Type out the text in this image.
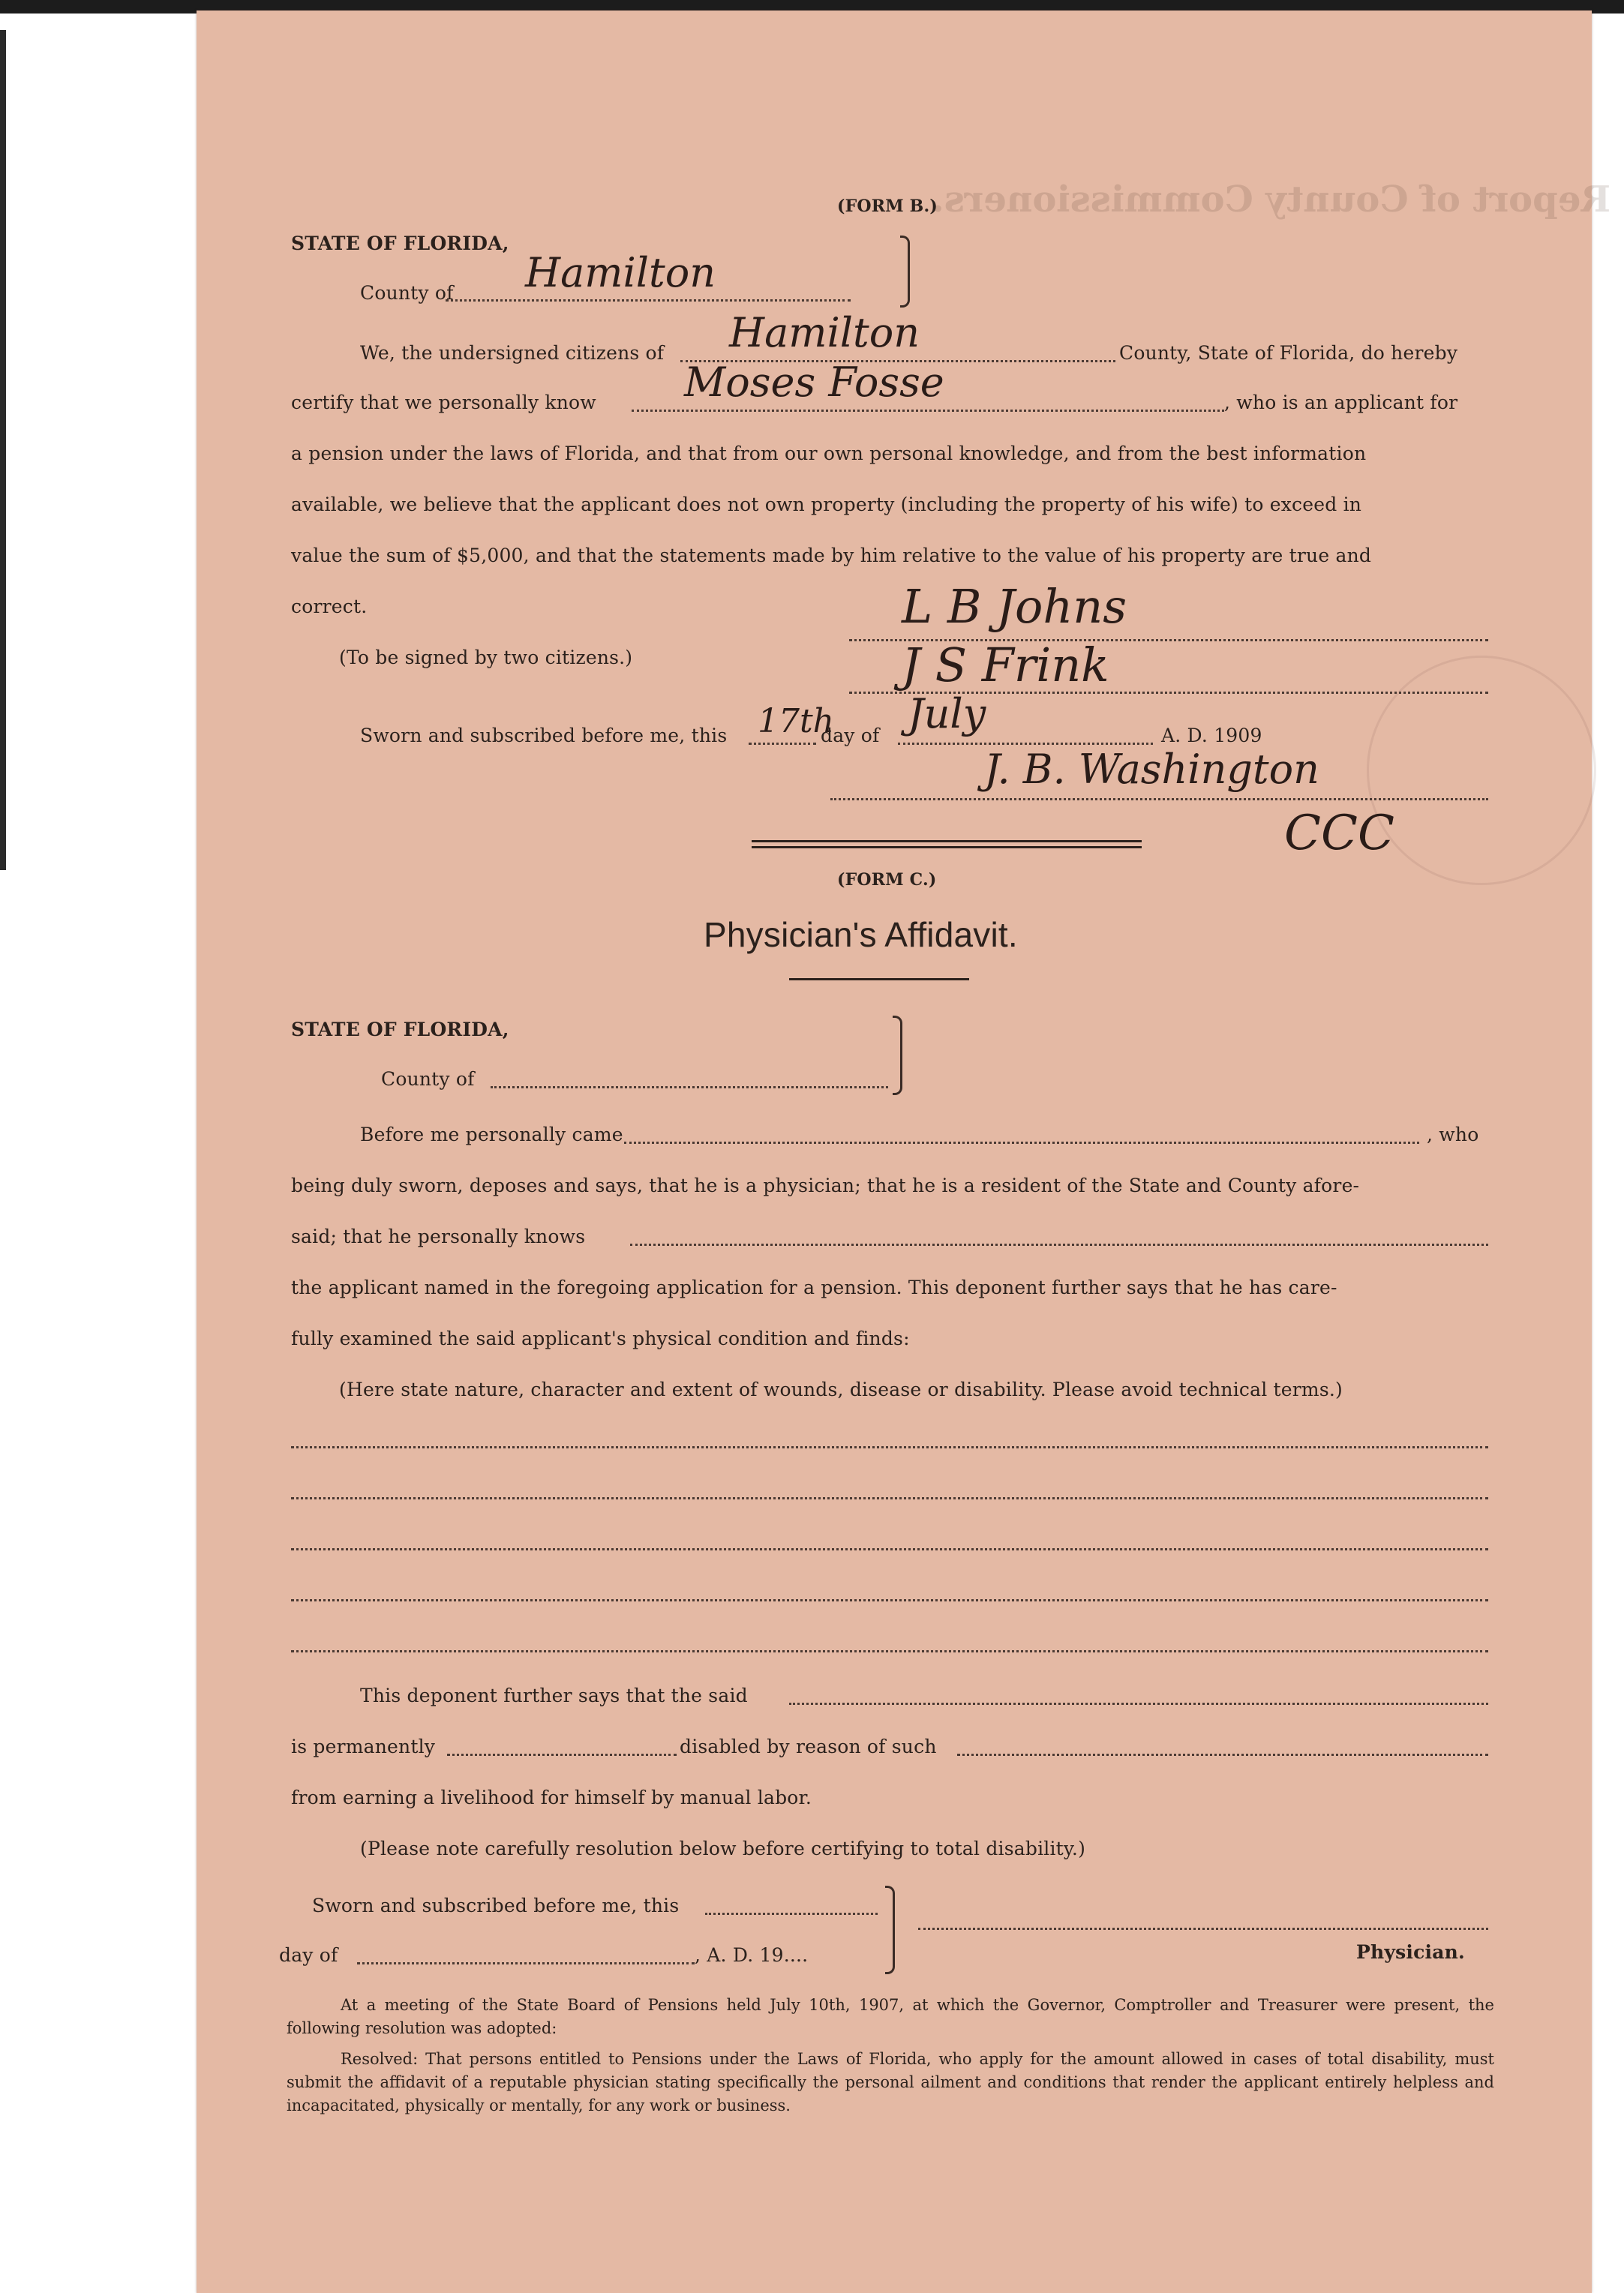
Report of County Commissioners.
(FORM B.)
STATE OF FLORIDA,
County of Hamilton
We, the undersigned citizens of Hamilton	County, State of Florida, do hereby
certify that we personally know Moses Fosse	, who is an applicant for
a pension under the laws of Florida, and that from our own personal knowledge, and from the best information
available, we believe that the applicant does not own property (including the property of his wife) to exceed in
value the sum of $5,000, and that the statements made by him relative to the value of his property are true and
correct.	L B Johns
(To be signed by two citizens.)	J S Frink
Sworn and subscribed before me, this 17th
day of July	A. D. 1909
J. B. Washington
CCC
(FORM C.)
Physician's Affidavit.
STATE OF FLORIDA,
County of
Before me personally came	, who
being duly sworn, deposes and says, that he is a physician; that he is a resident of the State and County afore-
said; that he personally knows
the applicant named in the foregoing application for a pension. This deponent further says that he has care-
fully examined the said applicant's physical condition and finds:
(Here state nature, character and extent of wounds, disease or disability. Please avoid technical terms.)
This deponent further says that the said
is permanently	disabled by reason of such
from earning a livelihood for himself by manual labor.
(Please note carefully resolution below before certifying to total disability.)
Sworn and subscribed before me, this
day of	, A. D. 19....	Physician.
At a meeting of the State Board of Pensions held July 10th, 1907, at which the Governor, Comptroller and Treasurer were present, the following resolution was adopted:
Resolved: That persons entitled to Pensions under the Laws of Florida, who apply for the amount allowed in cases of total disability, must submit the affidavit of a reputable physician stating specifically the personal ailment and conditions that render the applicant entirely helpless and incapacitated, physically or mentally, for any work or business.
